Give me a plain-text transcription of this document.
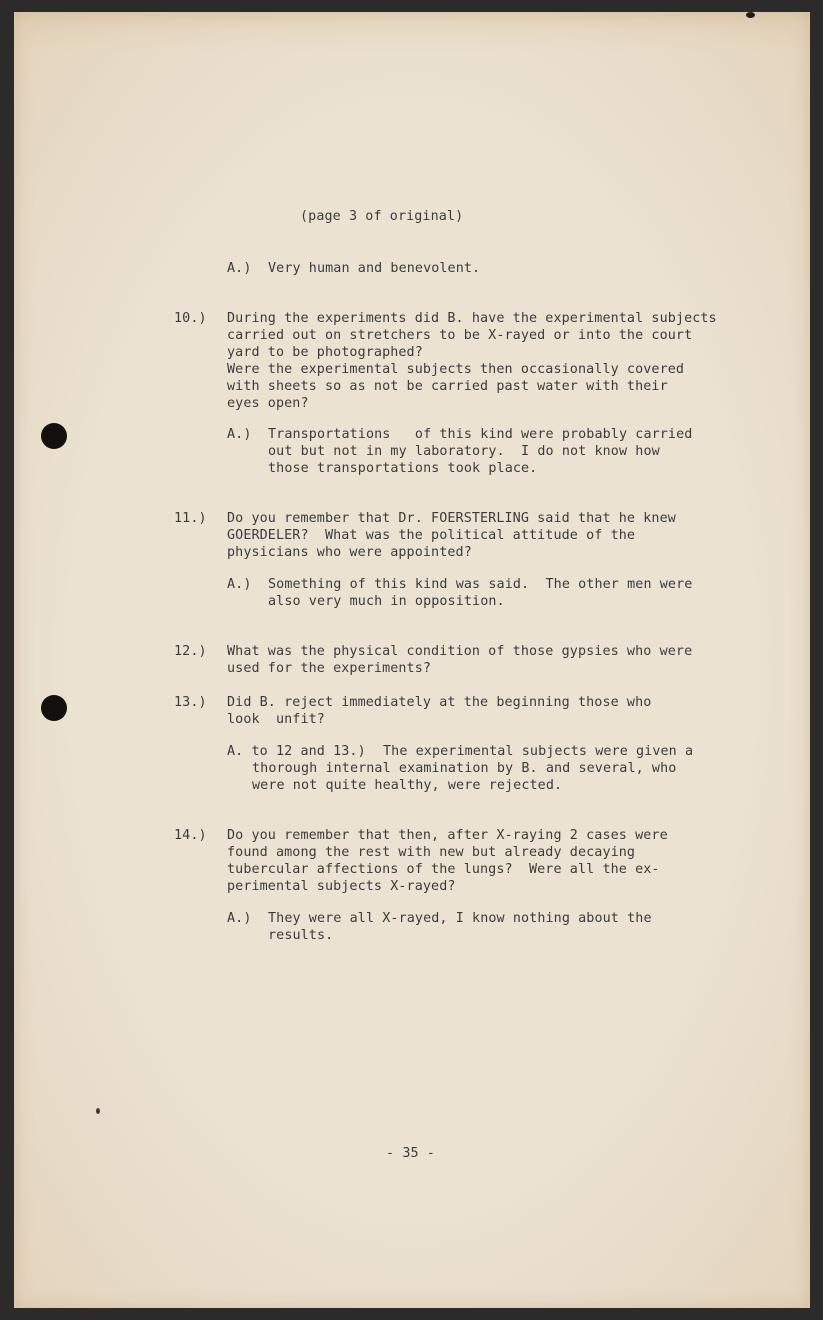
(page 3 of original)

A.) Very human and benevolent.

10.) During the experiments did B. have the experimental subjects

carried out on stretchers to be X-rayed or into the court

yard to be photographed?

Were the experimental subjects then occasionally covered

with sheets so as not be carried past water with their

eyes open?

A.) Transportations   of this kind were probably carried

out but not in my laboratory.  I do not know how

those transportations took place.

11.) Do you remember that Dr. FOERSTERLING said that he knew

GOERDELER?  What was the political attitude of the

physicians who were appointed?

A.) Something of this kind was said.  The other men were

also very much in opposition.

12.) What was the physical condition of those gypsies who were

used for the experiments?

13.) Did B. reject immediately at the beginning those who

look  unfit?

A. to 12 and 13.) The experimental subjects were given a

thorough internal examination by B. and several, who

were not quite healthy, were rejected.

14.) Do you remember that then, after X-raying 2 cases were

found among the rest with new but already decaying

tubercular affections of the lungs?  Were all the ex-

perimental subjects X-rayed?

A.) They were all X-rayed, I know nothing about the

results.

- 35 -
